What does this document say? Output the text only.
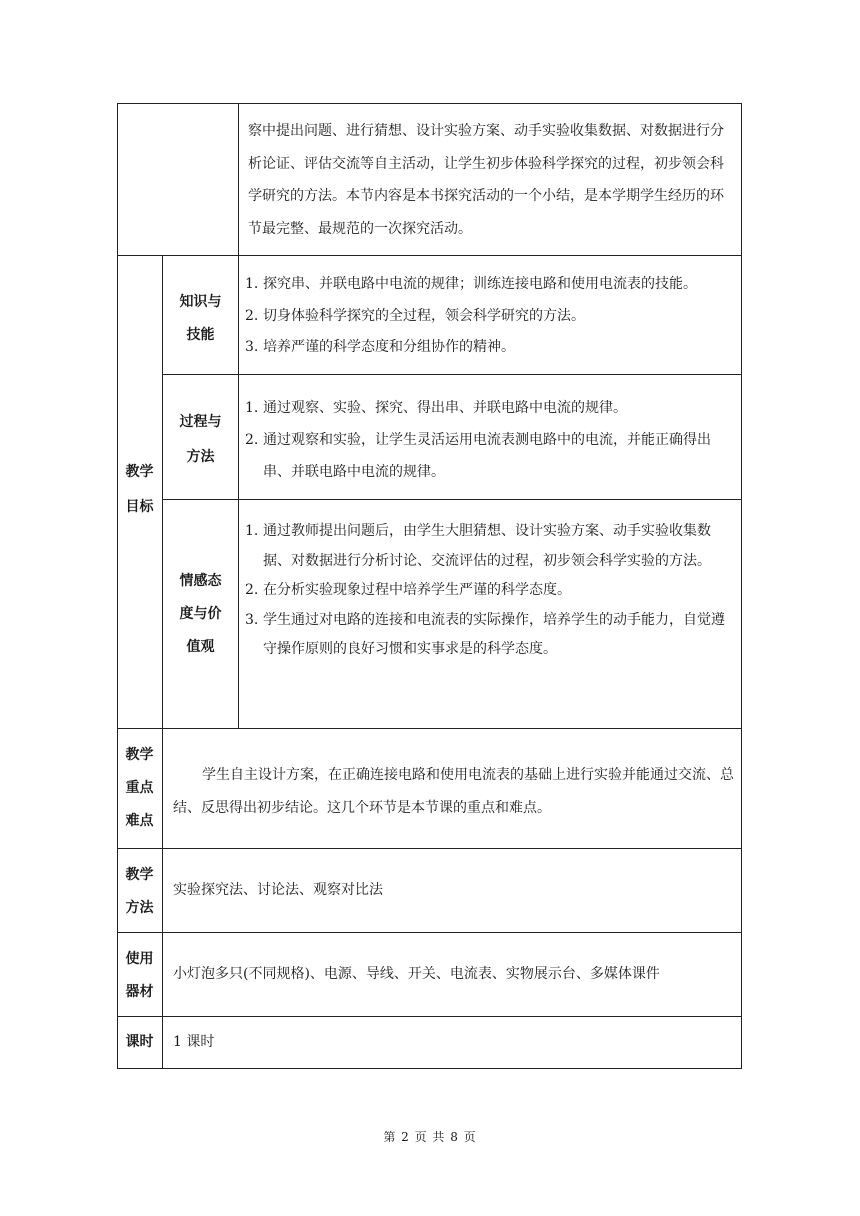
察中提出问题、进行猜想、设计实验方案、动手实验收集数据、对数据进行分析论证、评估交流等自主活动，让学生初步体验科学探究的过程，初步领会科学研究的方法。本节内容是本书探究活动的一个小结，是本学期学生经历的环节最完整、最规范的一次探究活动。
教学
目标
知识与
技能
1. 探究串、并联电路中电流的规律；训练连接电路和使用电流表的技能。
2. 切身体验科学探究的全过程，领会科学研究的方法。
3. 培养严谨的科学态度和分组协作的精神。
过程与
方法
1. 通过观察、实验、探究、得出串、并联电路中电流的规律。
2. 通过观察和实验，让学生灵活运用电流表测电路中的电流，并能正确得出串、并联电路中电流的规律。
情感态
度与价
值观
1. 通过教师提出问题后，由学生大胆猜想、设计实验方案、动手实验收集数据、对数据进行分析讨论、交流评估的过程，初步领会科学实验的方法。
2. 在分析实验现象过程中培养学生严谨的科学态度。
3. 学生通过对电路的连接和电流表的实际操作，培养学生的动手能力，自觉遵守操作原则的良好习惯和实事求是的科学态度。
教学
重点
难点
学生自主设计方案，在正确连接电路和使用电流表的基础上进行实验并能通过交流、总结、反思得出初步结论。这几个环节是本节课的重点和难点。
教学
方法
实验探究法、讨论法、观察对比法
使用
器材
小灯泡多只(不同规格)、电源、导线、开关、电流表、实物展示台、多媒体课件
课时	1 课时
第 2 页 共 8 页
